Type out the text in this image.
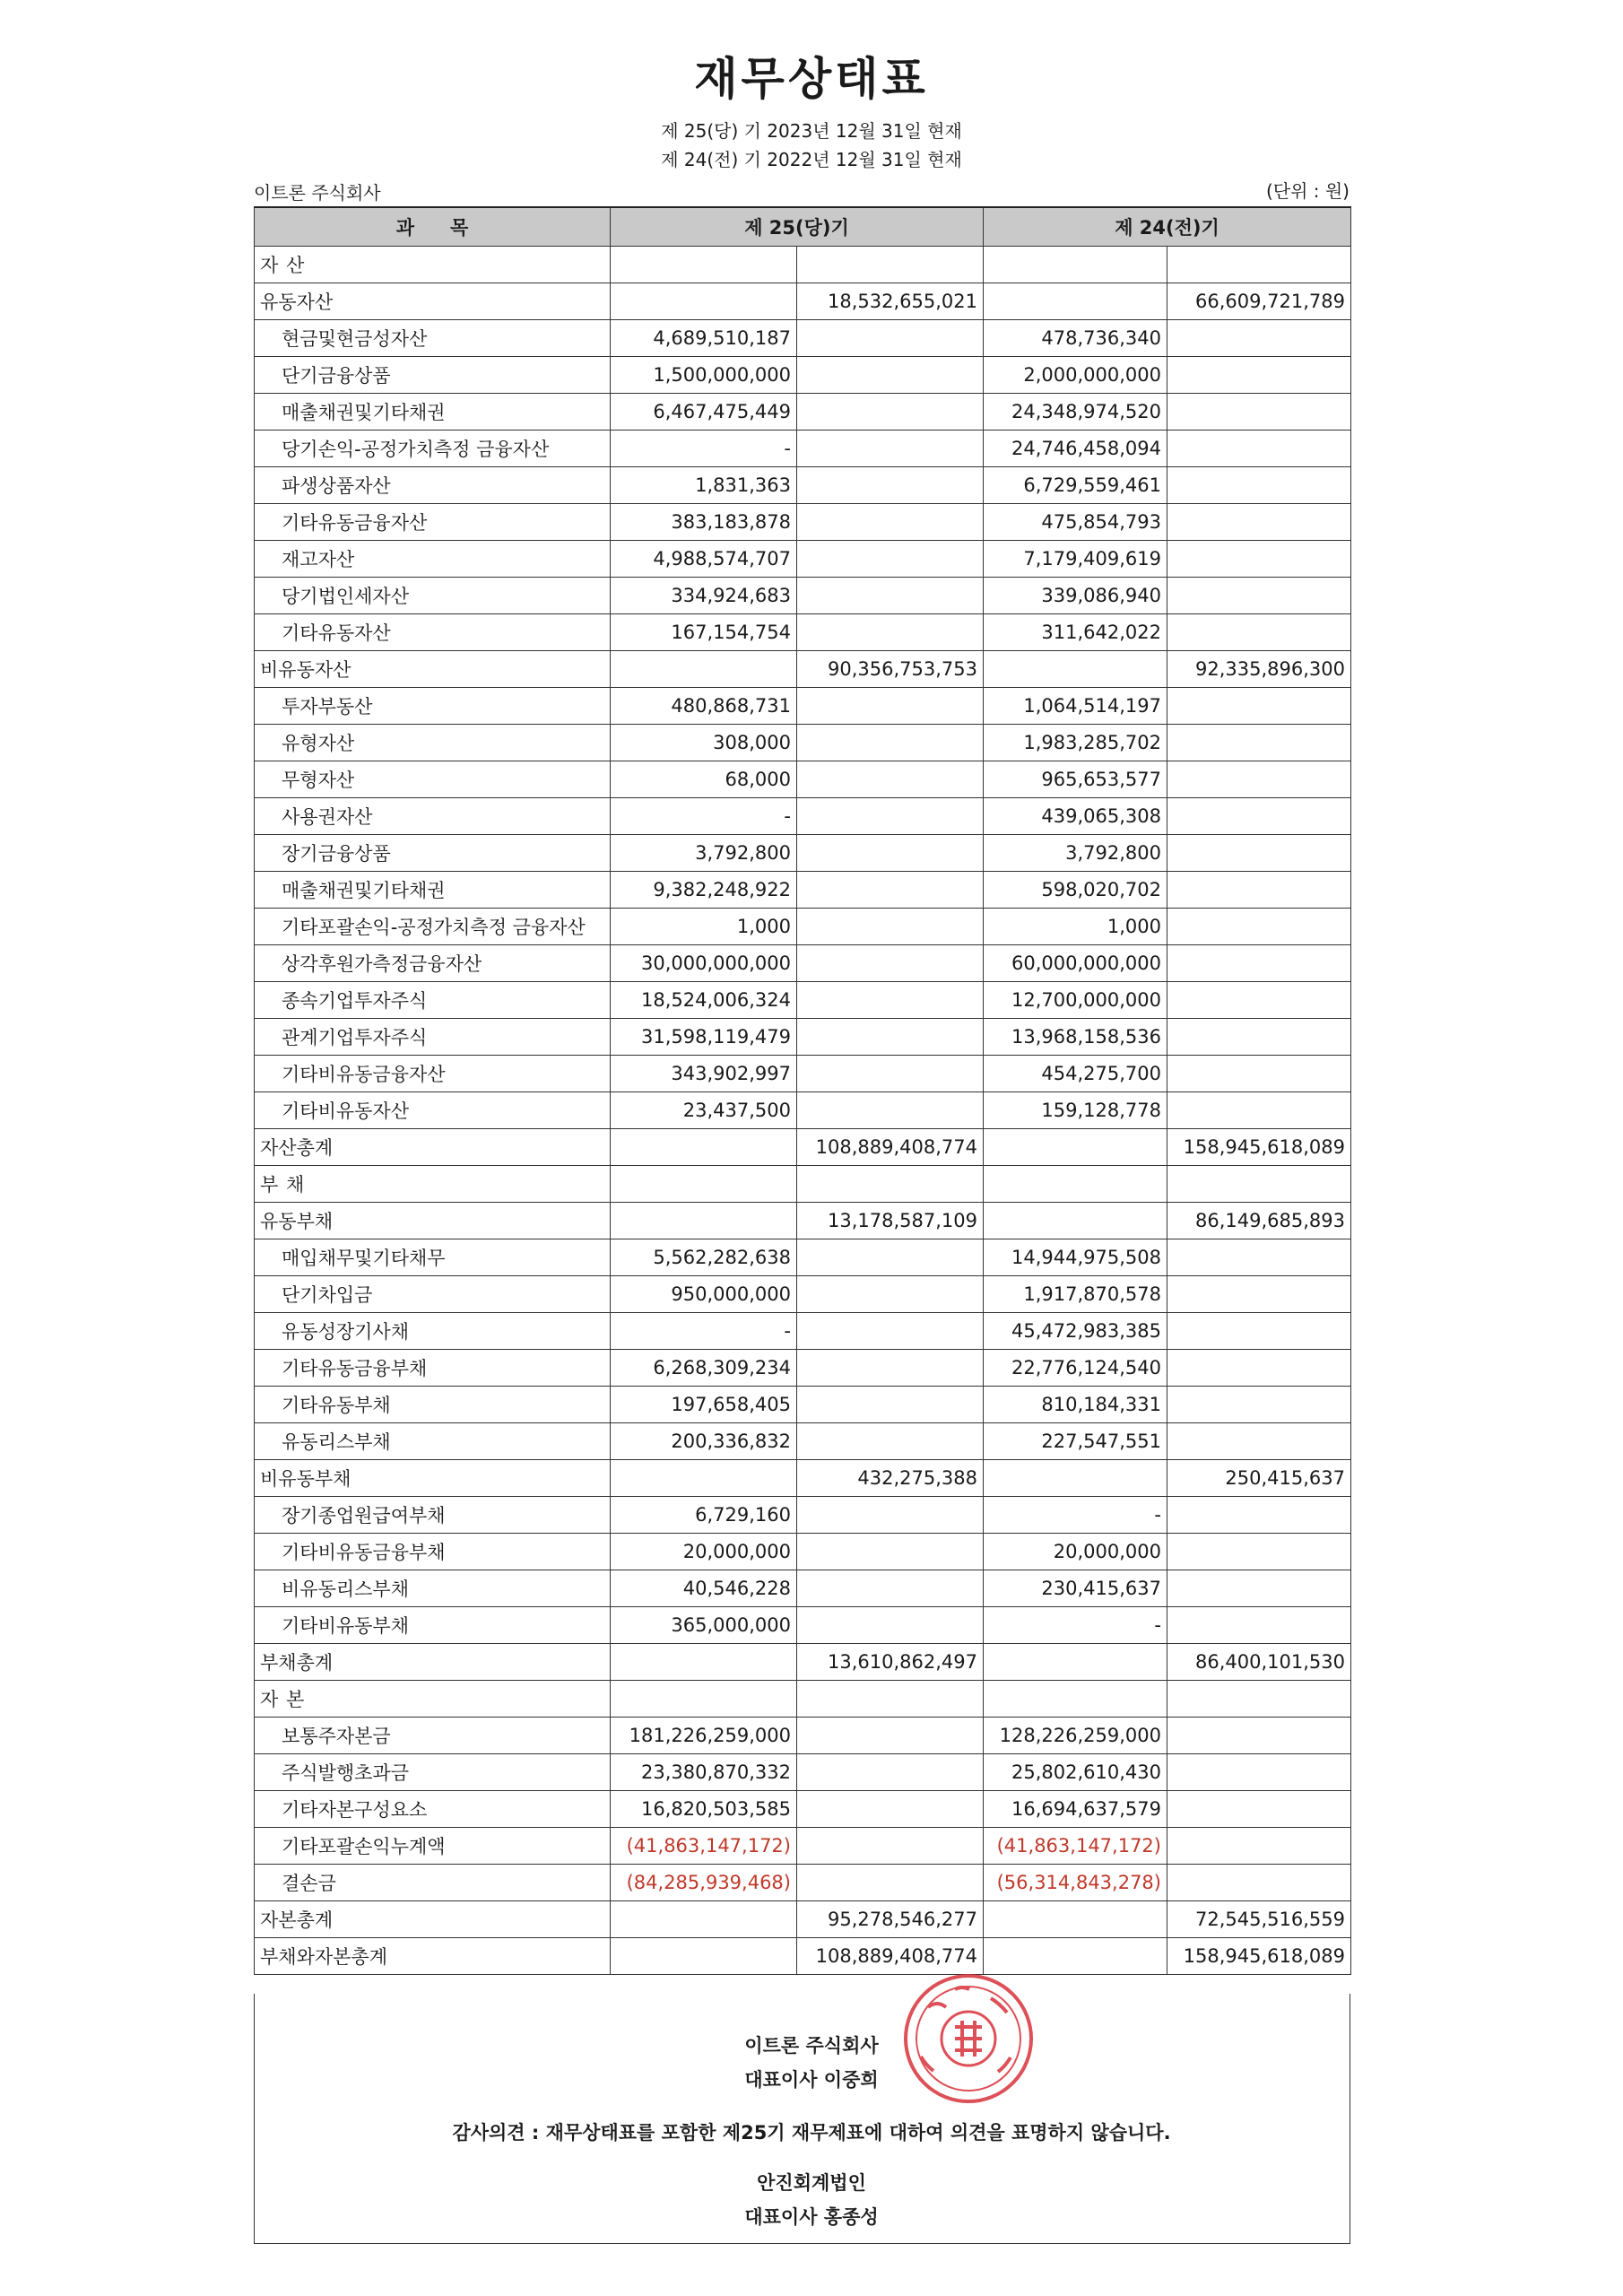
재무상태표
제 25(당) 기 2023년 12월 31일 현재
제 24(전) 기 2022년 12월 31일 현재
이트론 주식회사	(단위 : 원)
과 목	제 25(당)기		제 24(전)기	
자 산				
유동자산		18,532,655,021		66,609,721,789
현금및현금성자산	4,689,510,187		478,736,340	
단기금융상품	1,500,000,000		2,000,000,000	
매출채권및기타채권	6,467,475,449		24,348,974,520	
당기손익-공정가치측정 금융자산	-		24,746,458,094	
파생상품자산	1,831,363		6,729,559,461	
기타유동금융자산	383,183,878		475,854,793	
재고자산	4,988,574,707		7,179,409,619	
당기법인세자산	334,924,683		339,086,940	
기타유동자산	167,154,754		311,642,022	
비유동자산		90,356,753,753		92,335,896,300
투자부동산	480,868,731		1,064,514,197	
유형자산	308,000		1,983,285,702	
무형자산	68,000		965,653,577	
사용권자산	-		439,065,308	
장기금융상품	3,792,800		3,792,800	
매출채권및기타채권	9,382,248,922		598,020,702	
기타포괄손익-공정가치측정 금융자산	1,000		1,000	
상각후원가측정금융자산	30,000,000,000		60,000,000,000	
종속기업투자주식	18,524,006,324		12,700,000,000	
관계기업투자주식	31,598,119,479		13,968,158,536	
기타비유동금융자산	343,902,997		454,275,700	
기타비유동자산	23,437,500		159,128,778	
자산총계		108,889,408,774		158,945,618,089
부 채				
유동부채		13,178,587,109		86,149,685,893
매입채무및기타채무	5,562,282,638		14,944,975,508	
단기차입금	950,000,000		1,917,870,578	
유동성장기사채	-		45,472,983,385	
기타유동금융부채	6,268,309,234		22,776,124,540	
기타유동부채	197,658,405		810,184,331	
유동리스부채	200,336,832		227,547,551	
비유동부채		432,275,388		250,415,637
장기종업원급여부채	6,729,160		-	
기타비유동금융부채	20,000,000		20,000,000	
비유동리스부채	40,546,228		230,415,637	
기타비유동부채	365,000,000		-	
부채총계		13,610,862,497		86,400,101,530
자 본				
보통주자본금	181,226,259,000		128,226,259,000	
주식발행초과금	23,380,870,332		25,802,610,430	
기타자본구성요소	16,820,503,585		16,694,637,579	
기타포괄손익누계액	(41,863,147,172)		(41,863,147,172)	
결손금	(84,285,939,468)		(56,314,843,278)	
자본총계		95,278,546,277		72,545,516,559
부채와자본총계		108,889,408,774		158,945,618,089
이트론 주식회사
대표이사 이중희
감사의견 : 재무상태표를 포함한 제25기 재무제표에 대하여 의견을 표명하지 않습니다.
안진회계법인
대표이사 홍종성
